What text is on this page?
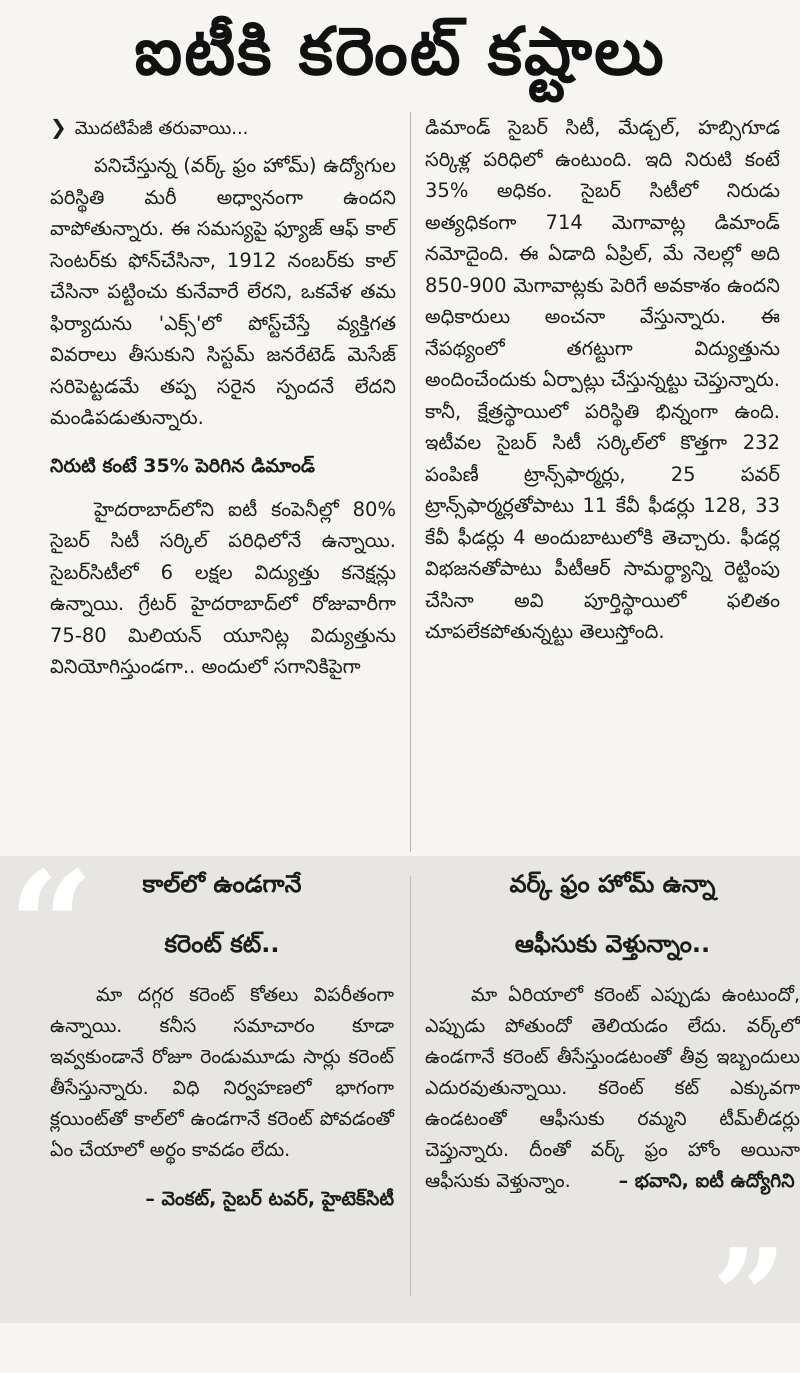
ఐటీకి కరెంట్ కష్టాలు
❯ మొదటిపేజీ తరువాయి...

పనిచేస్తున్న (వర్క్ ఫ్రం హోమ్) ఉద్యోగుల పరిస్థితి మరీ అధ్వానంగా ఉందని వాపోతున్నారు. ఈ సమస్యపై ఫ్యూజ్ ఆఫ్ కాల్ సెంటర్‌కు ఫోన్‌చేసినా, 1912 నంబర్‌కు కాల్ చేసినా పట్టించు కునేవారే లేరని, ఒకవేళ తమ ఫిర్యాదును 'ఎక్స్'లో పోస్ట్‌చేస్తే వ్యక్తిగత వివరాలు తీసుకుని సిస్టమ్ జనరేటెడ్ మెసేజ్ సరిపెట్టడమే తప్ప సరైన స్పందనే లేదని మండిపడుతున్నారు.

నిరుటి కంటే 35% పెరిగిన డిమాండ్

హైదరాబాద్‌లోని ఐటీ కంపెనీల్లో 80% సైబర్ సిటీ సర్కిల్ పరిధిలోనే ఉన్నాయి. సైబర్‌సిటీలో 6 లక్షల విద్యుత్తు కనెక్షన్లు ఉన్నాయి. గ్రేటర్ హైదరాబాద్‌లో రోజువారీగా 75-80 మిలియన్ యూనిట్ల విద్యుత్తును వినియోగిస్తుండగా.. అందులో సగానికిపైగా

డిమాండ్ సైబర్ సిటీ, మేడ్చల్, హబ్సిగూడ సర్కిళ్ల పరిధిలో ఉంటుంది. ఇది నిరుటి కంటే 35% అధికం. సైబర్ సిటీలో నిరుడు అత్యధికంగా 714 మెగావాట్ల డిమాండ్ నమోదైంది. ఈ ఏడాది ఏప్రిల్, మే నెలల్లో అది 850-900 మెగావాట్లకు పెరిగే అవకాశం ఉందని అధికారులు అంచనా వేస్తున్నారు. ఈ నేపథ్యంలో తగట్టుగా విద్యుత్తును అందించేందుకు ఏర్పాట్లు చేస్తున్నట్టు చెప్తున్నారు. కానీ, క్షేత్రస్థాయిలో పరిస్థితి భిన్నంగా ఉంది. ఇటీవల సైబర్ సిటీ సర్కిల్‌లో కొత్తగా 232 పంపిణీ ట్రాన్స్‌ఫార్మర్లు, 25 పవర్ ట్రాన్స్‌ఫార్మర్లతోపాటు 11 కేవీ ఫీడర్లు 128, 33 కేవీ ఫీడర్లు 4 అందుబాటులోకి తెచ్చారు. ఫీడర్ల విభజనతోపాటు పీటీఆర్ సామర్థ్యాన్ని రెట్టింపు చేసినా అవి పూర్తిస్థాయిలో ఫలితం చూపలేకపోతున్నట్టు తెలుస్తోంది.

“
”
కాల్‌లో ఉండగానే
కరెంట్ కట్..

మా దగ్గర కరెంట్ కోతలు విపరీతంగా ఉన్నాయి. కనీస సమాచారం కూడా ఇవ్వకుండానే రోజూ రెండుమూడు సార్లు కరెంట్ తీసేస్తున్నారు. విధి నిర్వహణలో భాగంగా క్లయింట్‌తో కాల్‌లో ఉండగానే కరెంట్ పోవడంతో ఏం చేయాలో అర్థం కావడం లేదు.

– వెంకట్, సైబర్ టవర్, హైటెక్‌సిటీ
వర్క్ ఫ్రం హోమ్ ఉన్నా
ఆఫీసుకు వెళ్తున్నాం..

మా ఏరియాలో కరెంట్ ఎప్పుడు ఉంటుందో, ఎప్పుడు పోతుందో తెలియడం లేదు. వర్క్‌లో ఉండగానే కరెంట్ తీసేస్తుండటంతో తీవ్ర ఇబ్బందులు ఎదురవుతున్నాయి. కరెంట్ కట్ ఎక్కువగా ఉండటంతో ఆఫీసుకు రమ్మని టీమ్‌లీడర్లు చెప్తున్నారు. దీంతో వర్క్ ఫ్రం హోం అయినా ఆఫీసుకు వెళ్తున్నాం.	– భవాని, ఐటీ ఉద్యోగిని
